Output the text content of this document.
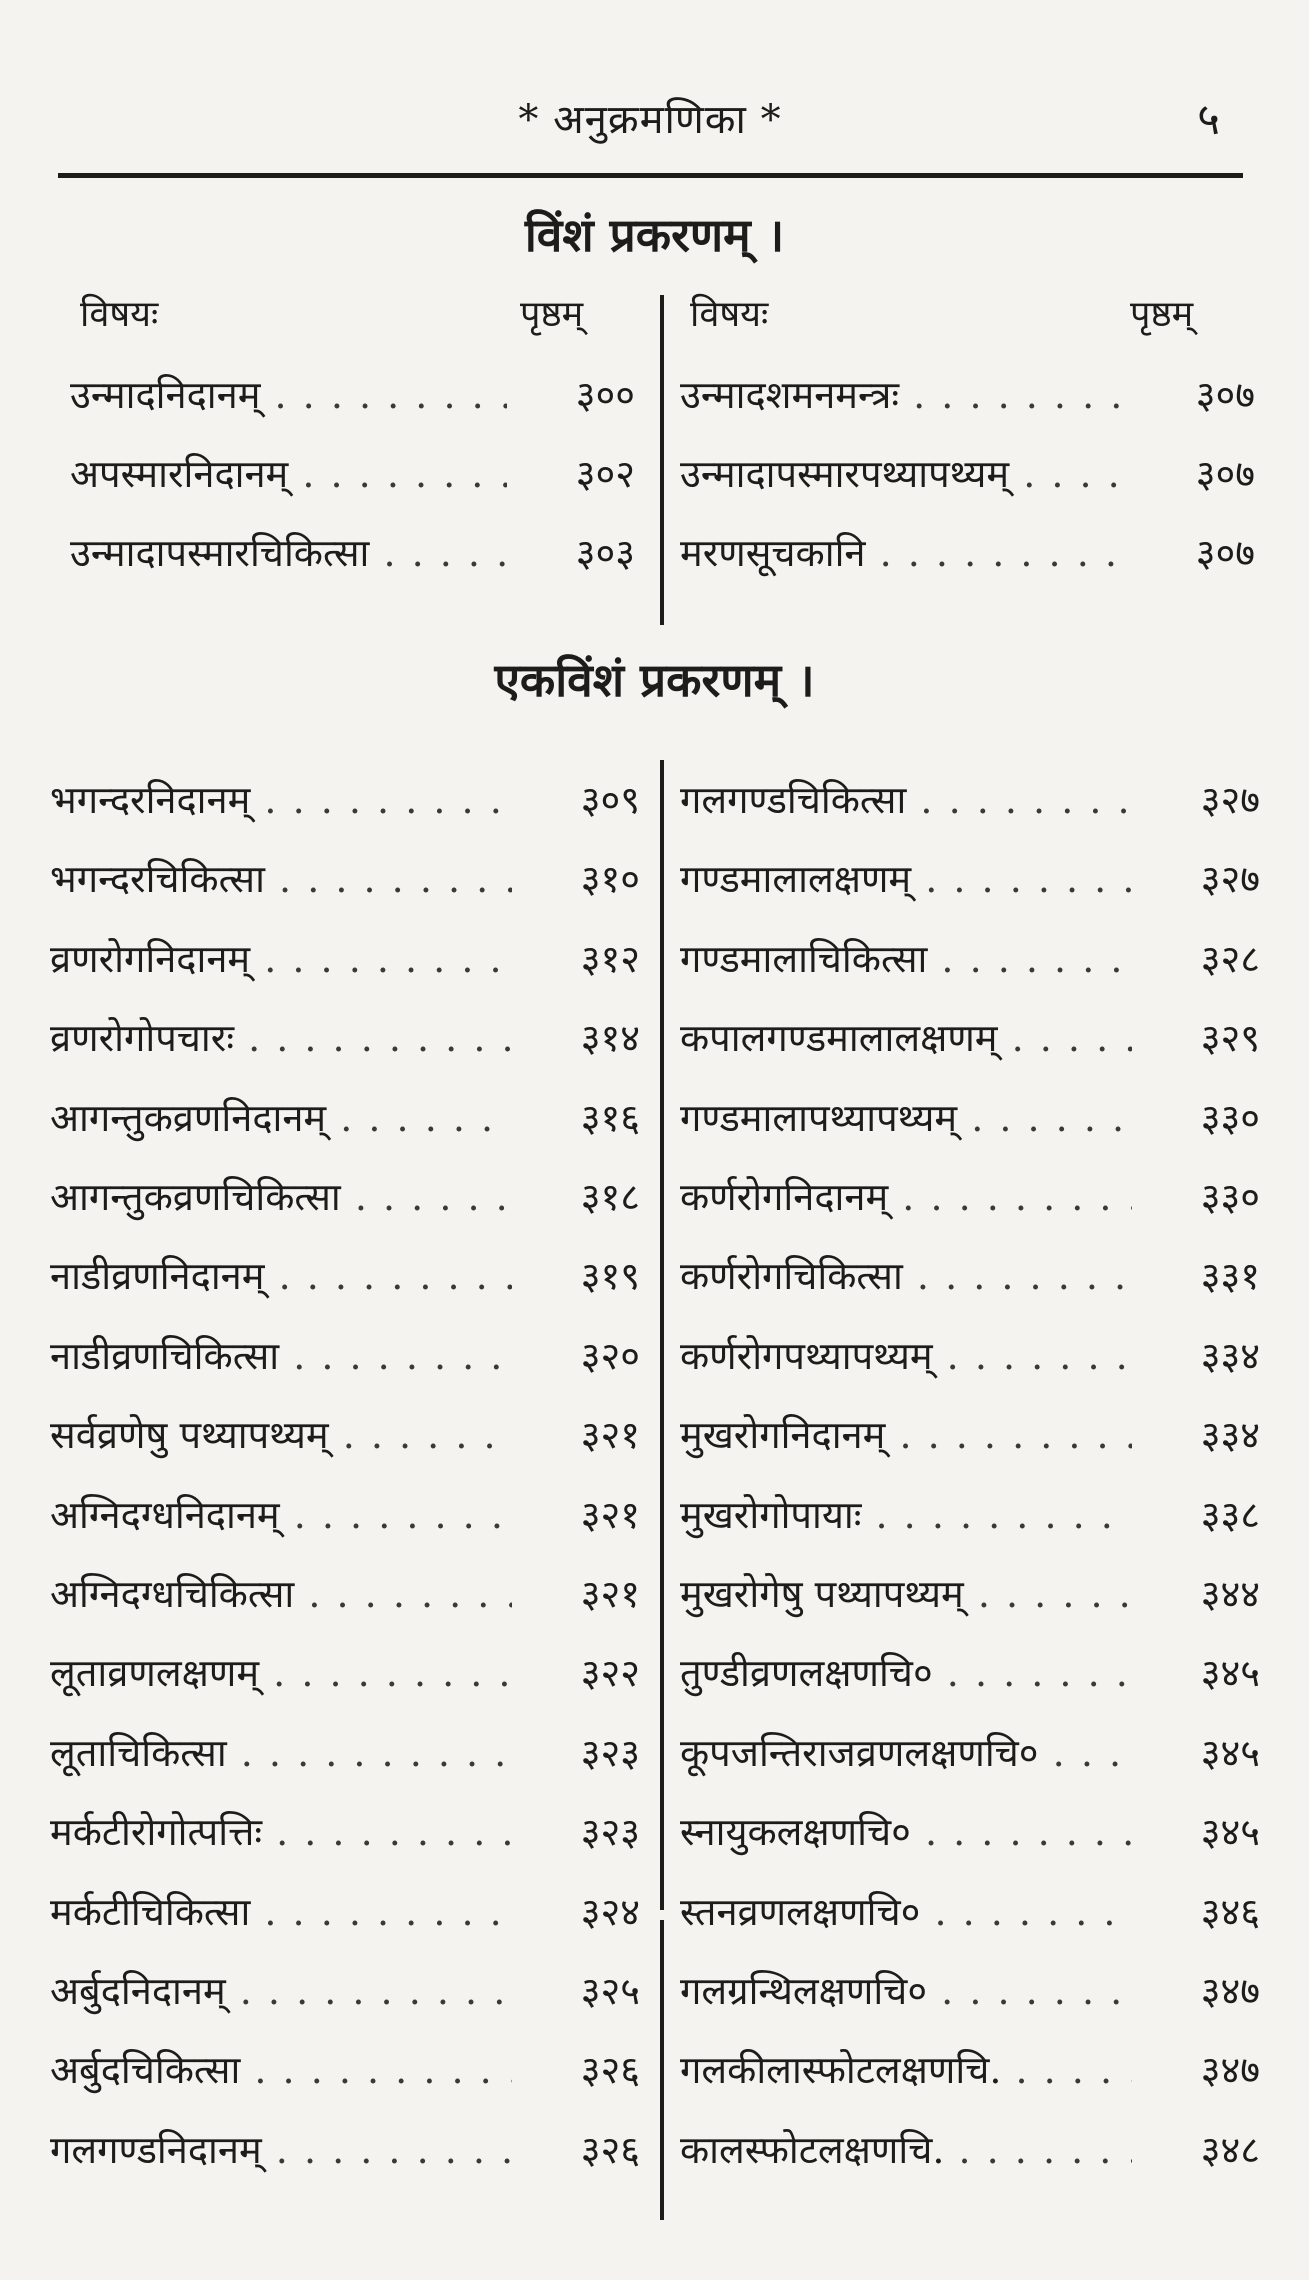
* अनुक्रमणिका *	५
विंशं प्रकरणम् ।
विषयः	पृष्ठम्	विषयः	पृष्ठम्
उन्मादनिदानम् . . .	३००
अपस्मारनिदानम् . . .	३०२
उन्मादापस्मारचिकित्सा . . .	३०३
उन्मादशमनमन्त्रः . . .	३०७
उन्मादापस्मारपथ्यापथ्यम् . . .	३०७
मरणसूचकानि . . .	३०७
एकविंशं प्रकरणम् ।
भगन्दरनिदानम् . . .	३०९
भगन्दरचिकित्सा . . .	३१०
व्रणरोगनिदानम् . . .	३१२
व्रणरोगोपचारः . . .	३१४
आगन्तुकव्रणनिदानम् . . .	३१६
आगन्तुकव्रणचिकित्सा . . .	३१८
नाडीव्रणनिदानम् . . .	३१९
नाडीव्रणचिकित्सा . . .	३२०
सर्वव्रणेषु पथ्यापथ्यम् . . .	३२१
अग्निदग्धनिदानम् . . .	३२१
अग्निदग्धचिकित्सा . . .	३२१
लूताव्रणलक्षणम् . . .	३२२
लूताचिकित्सा . . .	३२३
मर्कटीरोगोत्पत्तिः . . .	३२३
मर्कटीचिकित्सा . . .	३२४
अर्बुदनिदानम् . . .	३२५
अर्बुदचिकित्सा . . .	३२६
गलगण्डनिदानम् . . .	३२६
गलगण्डचिकित्सा . . .	३२७
गण्डमालालक्षणम् . . .	३२७
गण्डमालाचिकित्सा . . .	३२८
कपालगण्डमालालक्षणम् . . .	३२९
गण्डमालापथ्यापथ्यम् . . .	३३०
कर्णरोगनिदानम् . . .	३३०
कर्णरोगचिकित्सा . . .	३३१
कर्णरोगपथ्यापथ्यम् . . .	३३४
मुखरोगनिदानम् . . .	३३४
मुखरोगोपायाः . . .	३३८
मुखरोगेषु पथ्यापथ्यम् . . .	३४४
तुण्डीव्रणलक्षणचि० . . .	३४५
कूपजन्तिराजव्रणलक्षणचि० . . .	३४५
स्नायुकलक्षणचि० . . .	३४५
स्तनव्रणलक्षणचि० . . .	३४६
गलग्रन्थिलक्षणचि० . . .	३४७
गलकीलास्फोटलक्षणचि. . . .	३४७
कालस्फोटलक्षणचि. . . .	३४८
